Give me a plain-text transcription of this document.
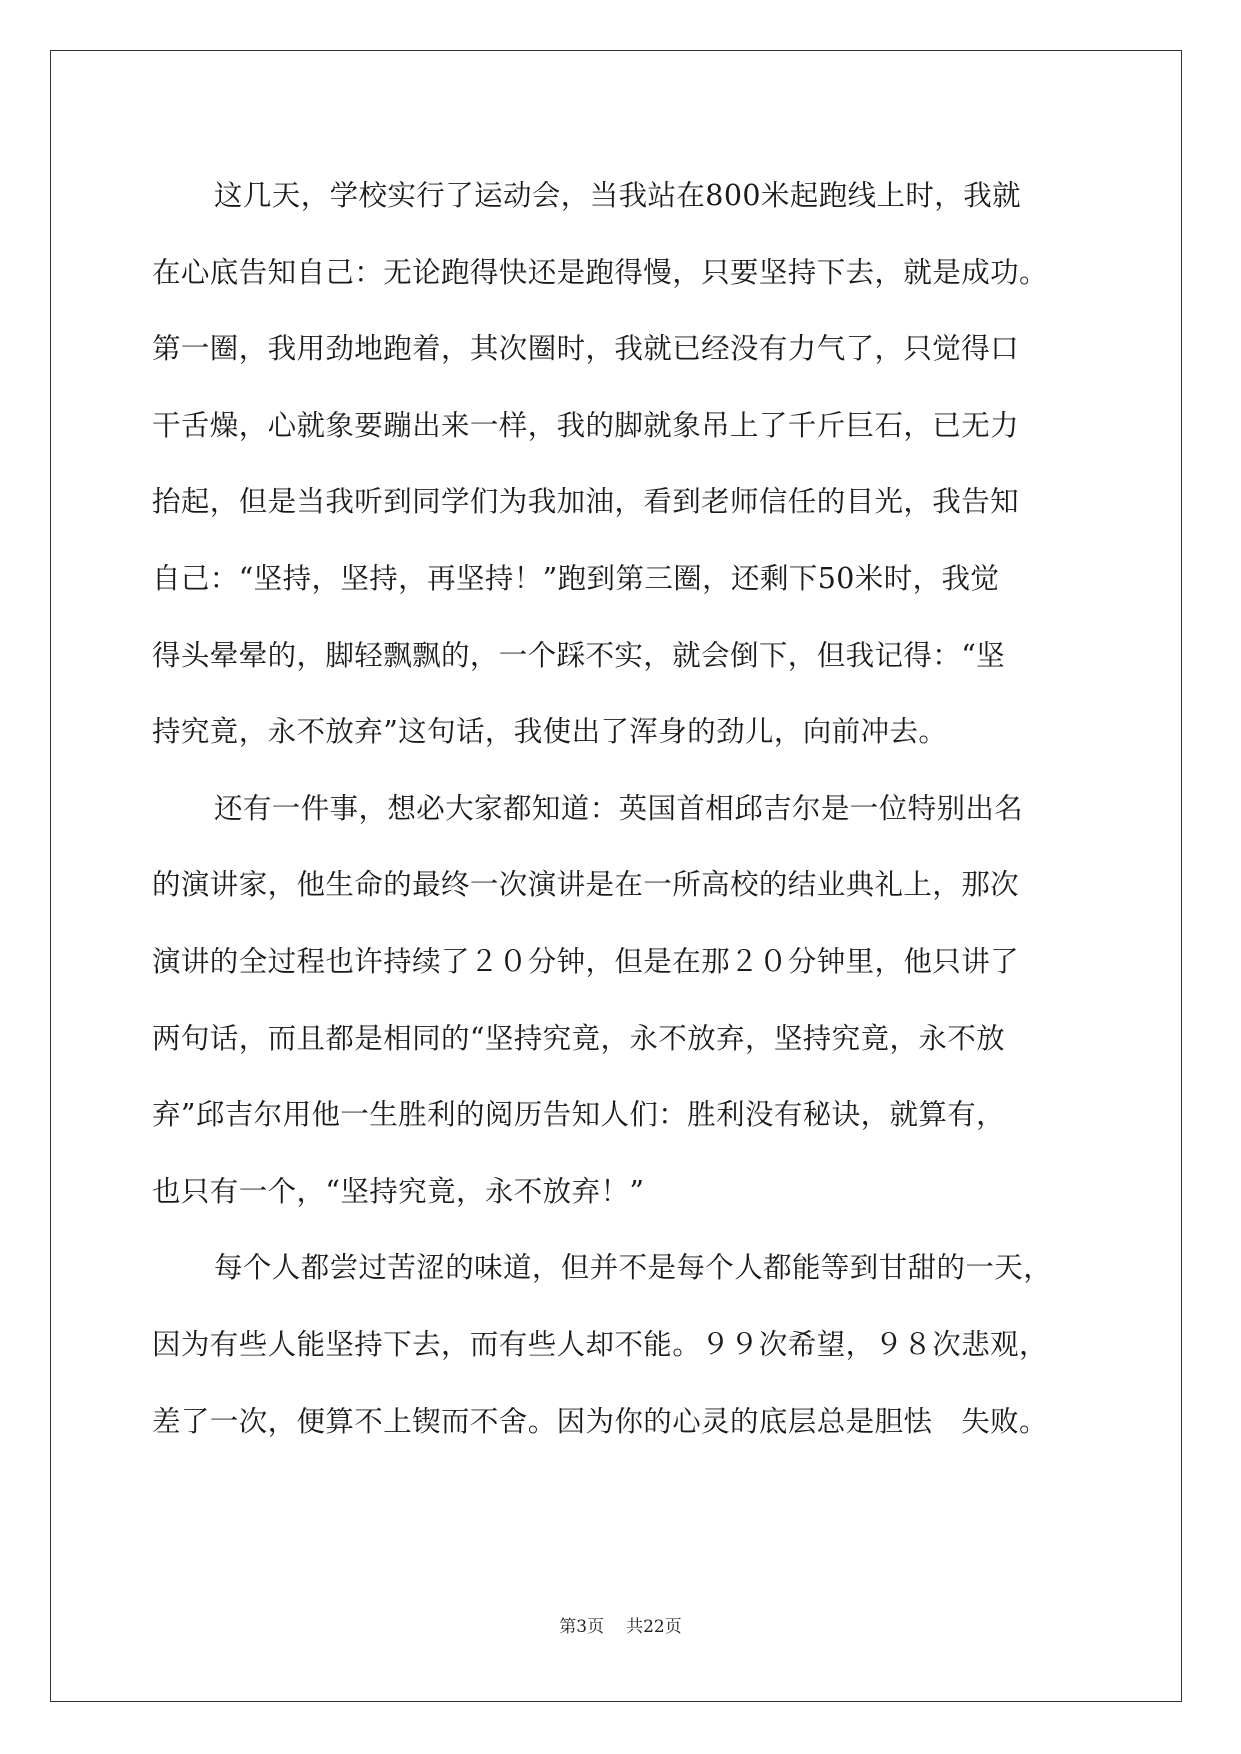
这几天，学校实行了运动会，当我站在800米起跑线上时，我就
在心底告知自己：无论跑得快还是跑得慢，只要坚持下去，就是成功。
第一圈，我用劲地跑着，其次圈时，我就已经没有力气了，只觉得口
干舌燥，心就象要蹦出来一样，我的脚就象吊上了千斤巨石，已无力
抬起，但是当我听到同学们为我加油，看到老师信任的目光，我告知
自己：“坚持，坚持，再坚持！”跑到第三圈，还剩下50米时，我觉
得头晕晕的，脚轻飘飘的，一个踩不实，就会倒下，但我记得：“坚
持究竟，永不放弃”这句话，我使出了浑身的劲儿，向前冲去。
还有一件事，想必大家都知道：英国首相邱吉尔是一位特别出名
的演讲家，他生命的最终一次演讲是在一所高校的结业典礼上，那次
演讲的全过程也许持续了２０分钟，但是在那２０分钟里，他只讲了
两句话，而且都是相同的“坚持究竟，永不放弃，坚持究竟，永不放
弃”邱吉尔用他一生胜利的阅历告知人们：胜利没有秘诀，就算有，
也只有一个，“坚持究竟，永不放弃！”
每个人都尝过苦涩的味道，但并不是每个人都能等到甘甜的一天，
因为有些人能坚持下去，而有些人却不能。９９次希望，９８次悲观，
差了一次，便算不上锲而不舍。因为你的心灵的底层总是胆怯　失败。
第3页 共22页
